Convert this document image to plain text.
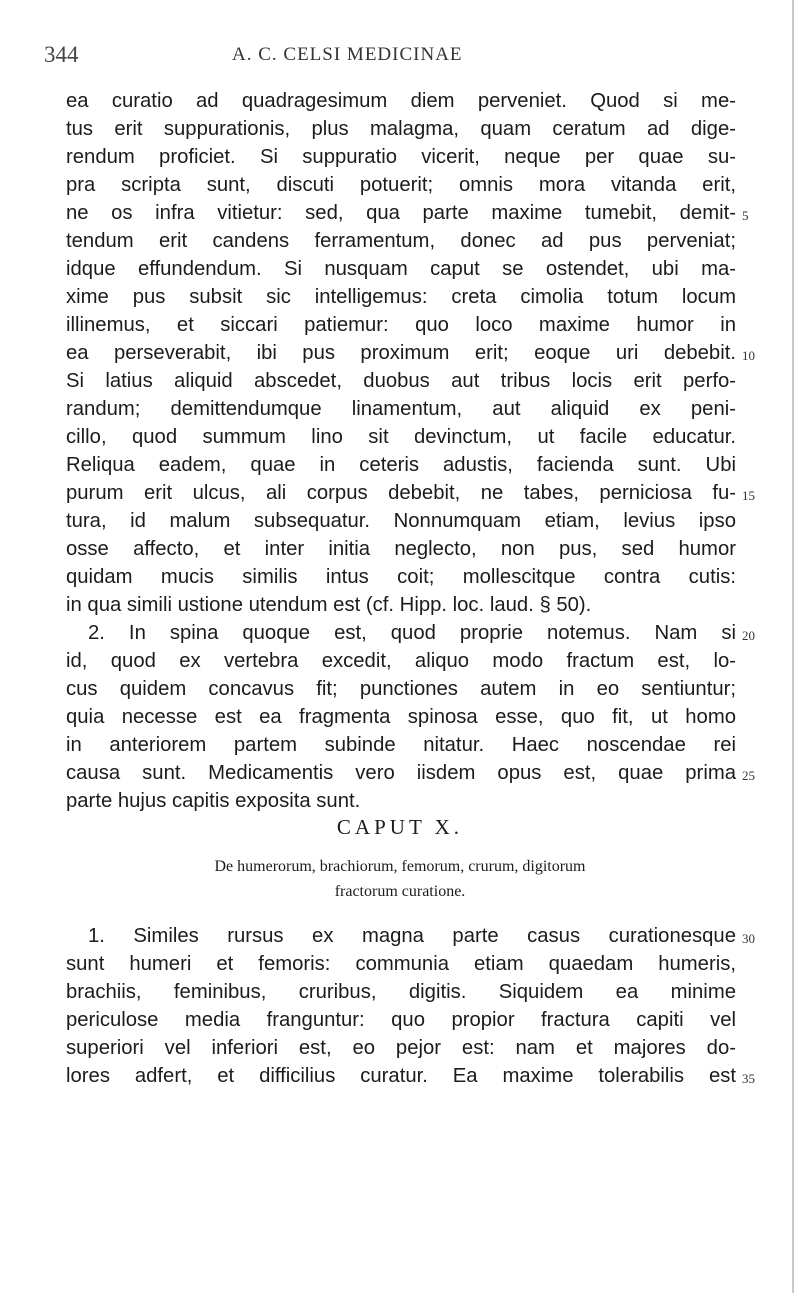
344	A. C. CELSI MEDICINAE
ea curatio ad quadragesimum diem perveniet. Quod si me-
tus erit suppurationis, plus malagma, quam ceratum ad dige-
rendum proficiet. Si suppuratio vicerit, neque per quae su-
pra scripta sunt, discuti potuerit; omnis mora vitanda erit,
ne os infra vitietur: sed, qua parte maxime tumebit, demit-
tendum erit candens ferramentum, donec ad pus perveniat;
idque effundendum. Si nusquam caput se ostendet, ubi ma-
xime pus subsit sic intelligemus: creta cimolia totum locum
illinemus, et siccari patiemur: quo loco maxime humor in
ea perseverabit, ibi pus proximum erit; eoque uri debebit.
Si latius aliquid abscedet, duobus aut tribus locis erit perfo-
randum; demittendumque linamentum, aut aliquid ex peni-
cillo, quod summum lino sit devinctum, ut facile educatur.
Reliqua eadem, quae in ceteris adustis, facienda sunt. Ubi
purum erit ulcus, ali corpus debebit, ne tabes, perniciosa fu-
tura, id malum subsequatur. Nonnumquam etiam, levius ipso
osse affecto, et inter initia neglecto, non pus, sed humor
quidam mucis similis intus coit; mollescitque contra cutis:
in qua simili ustione utendum est (cf. Hipp. loc. laud. § 50).
2. In spina quoque est, quod proprie notemus. Nam si
id, quod ex vertebra excedit, aliquo modo fractum est, lo-
cus quidem concavus fit; punctiones autem in eo sentiuntur;
quia necesse est ea fragmenta spinosa esse, quo fit, ut homo
in anteriorem partem subinde nitatur. Haec noscendae rei
causa sunt. Medicamentis vero iisdem opus est, quae prima
parte hujus capitis exposita sunt.
CAPUT X.
De humerorum, brachiorum, femorum, crurum, digitorum
fractorum curatione.
1. Similes rursus ex magna parte casus curationesque
sunt humeri et femoris: communia etiam quaedam humeris,
brachiis, feminibus, cruribus, digitis. Siquidem ea minime
periculose media franguntur: quo propior fractura capiti vel
superiori vel inferiori est, eo pejor est: nam et majores do-
lores adfert, et difficilius curatur. Ea maxime tolerabilis est
5
10
15
20
25
30
35
